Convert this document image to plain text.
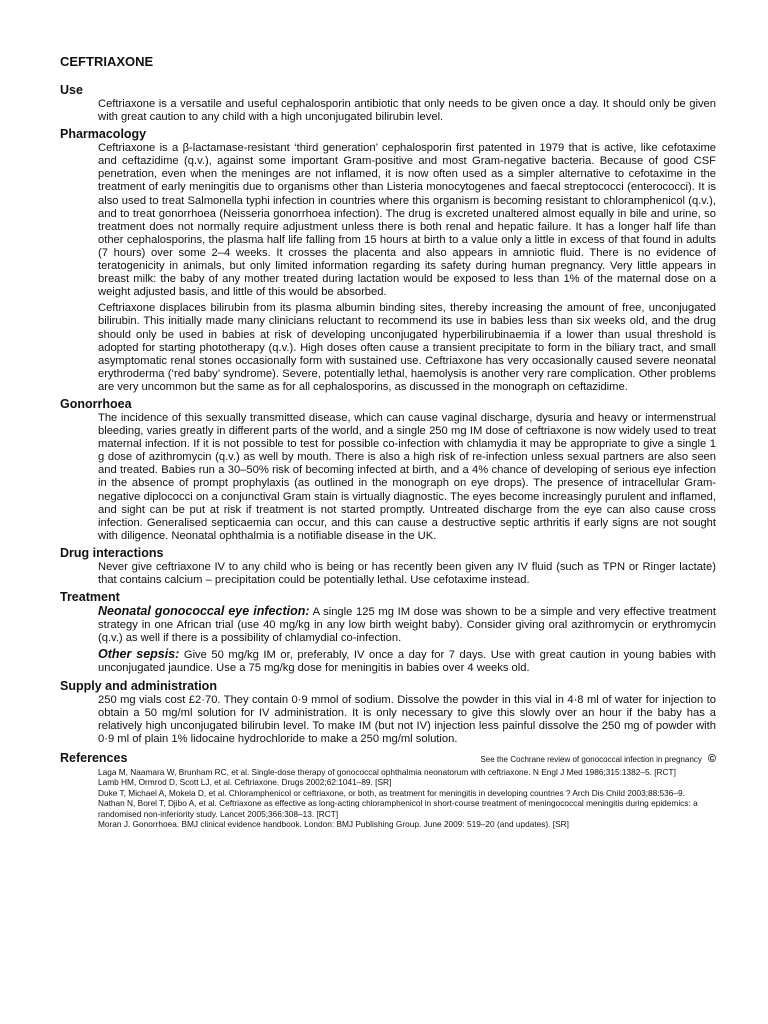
CEFTRIAXONE
Use

Ceftriaxone is a versatile and useful cephalosporin antibiotic that only needs to be given once a day. It should only be given with great caution to any child with a high unconjugated bilirubin level.

Pharmacology

Ceftriaxone is a β-lactamase-resistant ‘third generation’ cephalosporin first patented in 1979 that is active, like cefotaxime and ceftazidime (q.v.), against some important Gram-positive and most Gram-negative bacteria. Because of good CSF penetration, even when the meninges are not inflamed, it is now often used as a simpler alternative to cefotaxime in the treatment of early meningitis due to organisms other than Listeria monocytogenes and faecal streptococci (enterococci). It is also used to treat Salmonella typhi infection in countries where this organism is becoming resistant to chloramphenicol (q.v.), and to treat gonorrhoea (Neisseria gonorrhoea infection). The drug is excreted unaltered almost equally in bile and urine, so treatment does not normally require adjustment unless there is both renal and hepatic failure. It has a longer half life than other cephalosporins, the plasma half life falling from 15 hours at birth to a value only a little in excess of that found in adults (7 hours) over some 2–4 weeks. It crosses the placenta and also appears in amniotic fluid. There is no evidence of teratogenicity in animals, but only limited information regarding its safety during human pregnancy. Very little appears in breast milk: the baby of any mother treated during lactation would be exposed to less than 1% of the maternal dose on a weight adjusted basis, and little of this would be absorbed.

Ceftriaxone displaces bilirubin from its plasma albumin binding sites, thereby increasing the amount of free, unconjugated bilirubin. This initially made many clinicians reluctant to recommend its use in babies less than six weeks old, and the drug should only be used in babies at risk of developing unconjugated hyperbilirubinaemia if a lower than usual threshold is adopted for starting phototherapy (q.v.). High doses often cause a transient precipitate to form in the biliary tract, and small asymptomatic renal stones occasionally form with sustained use. Ceftriaxone has very occasionally caused severe neonatal erythroderma (‘red baby’ syndrome). Severe, potentially lethal, haemolysis is another very rare complication. Other problems are very uncommon but the same as for all cephalosporins, as discussed in the monograph on ceftazidime.

Gonorrhoea

The incidence of this sexually transmitted disease, which can cause vaginal discharge, dysuria and heavy or intermenstrual bleeding, varies greatly in different parts of the world, and a single 250 mg IM dose of ceftriaxone is now widely used to treat maternal infection. If it is not possible to test for possible co-infection with chlamydia it may be appropriate to give a single 1 g dose of azithromycin (q.v.) as well by mouth. There is also a high risk of re-infection unless sexual partners are also seen and treated. Babies run a 30–50% risk of becoming infected at birth, and a 4% chance of developing of serious eye infection in the absence of prompt prophylaxis (as outlined in the monograph on eye drops). The presence of intracellular Gram-negative diplococci on a conjunctival Gram stain is virtually diagnostic. The eyes become increasingly purulent and inflamed, and sight can be put at risk if treatment is not started promptly. Untreated discharge from the eye can also cause cross infection. Generalised septicaemia can occur, and this can cause a destructive septic arthritis if early signs are not sought with diligence. Neonatal ophthalmia is a notifiable disease in the UK.

Drug interactions

Never give ceftriaxone IV to any child who is being or has recently been given any IV fluid (such as TPN or Ringer lactate) that contains calcium – precipitation could be potentially lethal. Use cefotaxime instead.

Treatment

Neonatal gonococcal eye infection: A single 125 mg IM dose was shown to be a simple and very effective treatment strategy in one African trial (use 40 mg/kg in any low birth weight baby). Consider giving oral azithromycin or erythromycin (q.v.) as well if there is a possibility of chlamydial co-infection.

Other sepsis: Give 50 mg/kg IM or, preferably, IV once a day for 7 days. Use with great caution in young babies with unconjugated jaundice. Use a 75 mg/kg dose for meningitis in babies over 4 weeks old.

Supply and administration

250 mg vials cost £2·70. They contain 0·9 mmol of sodium. Dissolve the powder in this vial in 4·8 ml of water for injection to obtain a 50 mg/ml solution for IV administration. It is only necessary to give this slowly over an hour if the baby has a relatively high unconjugated bilirubin level. To make IM (but not IV) injection less painful dissolve the 250 mg of powder with 0·9 ml of plain 1% lidocaine hydrochloride to make a 250 mg/ml solution.

References	See the Cochrane review of gonococcal infection in pregnancy ©
Laga M, Naamara W, Brunham RC, et al. Single-dose therapy of gonococcal ophthalmia neonatorum with ceftriaxone. N Engl J Med 1986;315:1382–5. [RCT]
Lamb HM, Ormrod D, Scott LJ, et al. Ceftriaxone. Drugs 2002;62:1041–89. [SR]
Duke T, Michael A, Mokela D, et al. Chloramphenicol or ceftriaxone, or both, as treatment for meningitis in developing countries ? Arch Dis Child 2003;88:536–9.
Nathan N, Borel T, Djibo A, et al. Ceftriaxone as effective as long-acting chloramphenicol in short-course treatment of meningococcal meningitis during epidemics: a randomised non-inferiority study. Lancet 2005;366:308–13. [RCT]
Moran J. Gonorrhoea. BMJ clinical evidence handbook. London: BMJ Publishing Group. June 2009: 519–20 (and updates). [SR]
